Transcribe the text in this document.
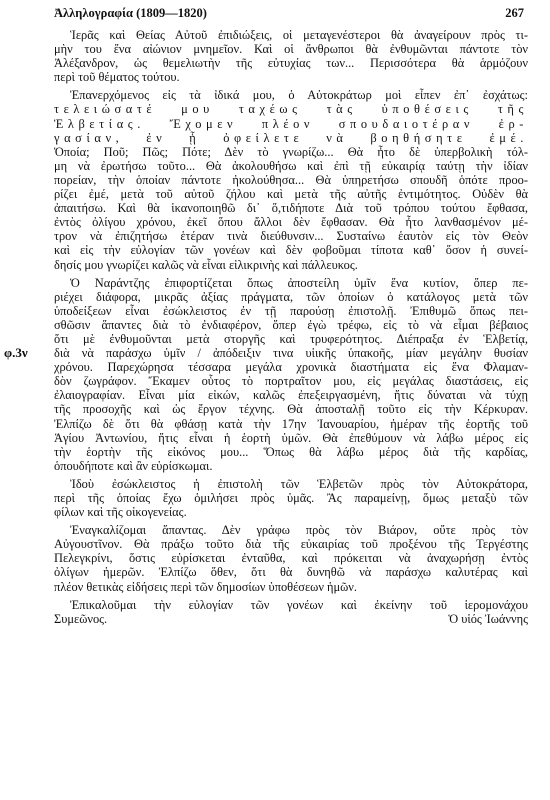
Ἀλληλογραφία (1809—1820)	267
Ἱερᾶς καὶ Θείας Αὐτοῦ ἐπιδιώξεις, οἱ μεταγενέστεροι θὰ ἀναγείρουν πρὸς τι-
μὴν του ἕνα αἰώνιον μνημεῖον. Καὶ οἱ ἄνθρωποι θὰ ἐνθυμῶνται πάντοτε τὸν
Ἀλέξανδρον, ὡς θεμελιωτὴν τῆς εὐτυχίας των... Περισσότερα θὰ ἁρμόζουν
περὶ τοῦ θέματος τούτου.
Ἐπανερχόμενος εἰς τὰ ἰδικά μου, ὁ Αὐτοκράτωρ μοὶ εἶπεν ἐπ᾽ ἐσχάτως:
τελειώσατέ μου ταχέως τὰς ὑποθέσεις τῆς
Ἑλβετίας. Ἔχομεν πλέον σπουδαιοτέραν ἐρ-
γασίαν, ἐν ᾗ ὀφείλετε νὰ βοηθήσητε ἐμέ.
Ὁποία; Ποῦ; Πῶς; Πότε; Δὲν τὸ γνωρίζω... Θὰ ἦτο δὲ ὑπερβολικὴ τόλ-
μη νὰ ἐρωτήσω τοῦτο... Θὰ ἀκολουθήσω καὶ ἐπὶ τῇ εὐκαιρίᾳ ταύτῃ τὴν ἰδίαν
πορείαν, τὴν ὁποίαν πάντοτε ἠκολούθησα... Θὰ ὑπηρετήσω σπουδῆ ὁπότε προο-
ρίζει ἐμέ, μετὰ τοῦ αὐτοῦ ζήλου καὶ μετὰ τῆς αὐτῆς ἐντιμότητος. Οὐδὲν θὰ
ἀπαιτήσω. Καὶ θὰ ἱκανοποιηθῶ δι᾽ ὅ,τιδήποτε Διὰ τοῦ τρόπου τούτου ἔφθασα,
ἐντὸς ὀλίγου χρόνου, ἐκεῖ ὅπου ἄλλοι δὲν ἔφθασαν. Θὰ ἦτο λανθασμένον μέ-
τρον νὰ ἐπιζητήσω ἑτέραν τινὰ διεύθυνσιν... Συσταίνω ἑαυτὸν εἰς τὸν Θεὸν
καὶ εἰς τὴν εὐλογίαν τῶν γονέων καὶ δὲν φοβοῦμαι τίποτα καθ᾽ ὅσον ἡ συνεί-
δησίς μου γνωρίζει καλῶς νὰ εἶναι εἰλικρινὴς καὶ πάλλευκος.
Ὁ Ναράντζης ἐπιφορτίζεται ὅπως ἀποστείλη ὑμῖν ἕνα κυτίον, ὅπερ πε-
ριέχει διάφορα, μικρᾶς ἀξίας πράγματα, τῶν ὁποίων ὁ κατάλογος μετὰ τῶν
ὑποδείξεων εἶναι ἐσώκλειστος ἐν τῇ παρούσῃ ἐπιστολῇ. Ἐπιθυμῶ ὅπως πει-
σθῶσιν ἅπαντες διὰ τὸ ἐνδιαφέρον, ὅπερ ἐγὼ τρέφω, εἰς τὸ νὰ εἶμαι βέβαιος
ὅτι μὲ ἐνθυμοῦνται μετὰ στοργῆς καὶ τρυφερότητος. Διέπραξα ἐν Ἑλβετίᾳ,
φ.3ν διὰ νὰ παράσχω ὑμῖν / ἀπόδειξιν τινα υἱικῆς ὑπακοῆς, μίαν μεγάλην θυσίαν
χρόνου. Παρεχώρησα τέσσαρα μεγάλα χρονικὰ διαστήματα εἰς ἕνα Φλαμαν-
δὸν ζωγράφον. Ἔκαμεν οὗτος τὸ πορτραῖτον μου, εἰς μεγάλας διαστάσεις, εἰς
ἐλαιογραφίαν. Εἶναι μία εἰκών, καλῶς ἐπεξειργασμένη, ἥτις δύναται νὰ τύχῃ
τῆς προσοχῆς καὶ ὡς ἔργον τέχνης. Θὰ ἀποσταλῇ τοῦτο εἰς τὴν Κέρκυραν.
Ἐλπίζω δὲ ὅτι θὰ φθάσῃ κατὰ τὴν 17ην Ἰανουαρίου, ἡμέραν τῆς ἑορτῆς τοῦ
Ἁγίου Ἀντωνίου, ἥτις εἶναι ἡ ἑορτὴ ὑμῶν. Θὰ ἐπεθύμουν νὰ λάβω μέρος εἰς
τὴν ἑορτὴν τῆς εἰκόνος μου... Ὅπως θὰ λάβω μέρος διὰ τῆς καρδίας,
ὁπουδήποτε καὶ ἂν εὑρίσκωμαι.
Ἰδοὺ ἐσώκλειστος ἡ ἐπιστολὴ τῶν Ἑλβετῶν πρὸς τὸν Αὐτοκράτορα,
περὶ τῆς ὁποίας ἔχω ὁμιλήσει πρὸς ὑμᾶς. Ἂς παραμείνῃ, ὅμως μεταξὺ τῶν
φίλων καὶ τῆς οἰκογενείας.
Ἐναγκαλίζομαι ἅπαντας. Δὲν γράφω πρὸς τὸν Βιάρον, οὔτε πρὸς τὸν
Αὐγουστῖνον. Θὰ πράξω τοῦτο διὰ τῆς εὐκαιρίας τοῦ προξένου τῆς Τεργέστης
Πελεγκρίνι, ὅστις εὑρίσκεται ἐνταῦθα, καὶ πρόκειται νὰ ἀναχωρήσῃ ἐντὸς
ὀλίγων ἡμερῶν. Ἐλπίζω ὅθεν, ὅτι θὰ δυνηθῶ νὰ παράσχω καλυτέρας καὶ
πλέον θετικὰς εἰδήσεις περὶ τῶν δημοσίων ὑποθέσεων ἡμῶν.
Ἐπικαλοῦμαι τὴν εὐλογίαν τῶν γονέων καὶ ἐκείνην τοῦ ἱερομονάχου
Συμεῶνος.	Ὁ υἱός Ἰωάννης
